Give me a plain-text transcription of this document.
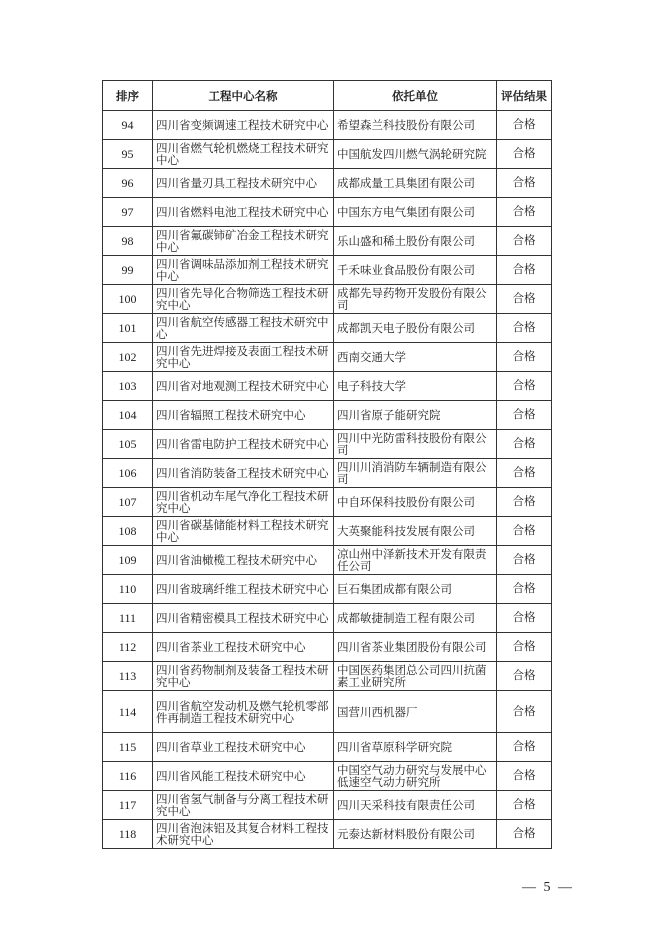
排序	工程中心名称	依托单位	评估结果
94	四川省变频调速工程技术研究中心	希望森兰科技股份有限公司	合格
95	四川省燃气轮机燃烧工程技术研究中心	中国航发四川燃气涡轮研究院	合格
96	四川省量刃具工程技术研究中心	成都成量工具集团有限公司	合格
97	四川省燃料电池工程技术研究中心	中国东方电气集团有限公司	合格
98	四川省氟碳铈矿冶金工程技术研究中心	乐山盛和稀土股份有限公司	合格
99	四川省调味品添加剂工程技术研究中心	千禾味业食品股份有限公司	合格
100	四川省先导化合物筛选工程技术研究中心	成都先导药物开发股份有限公司	合格
101	四川省航空传感器工程技术研究中心	成都凯天电子股份有限公司	合格
102	四川省先进焊接及表面工程技术研究中心	西南交通大学	合格
103	四川省对地观测工程技术研究中心	电子科技大学	合格
104	四川省辐照工程技术研究中心	四川省原子能研究院	合格
105	四川省雷电防护工程技术研究中心	四川中光防雷科技股份有限公司	合格
106	四川省消防装备工程技术研究中心	四川川消消防车辆制造有限公司	合格
107	四川省机动车尾气净化工程技术研究中心	中自环保科技股份有限公司	合格
108	四川省碳基储能材料工程技术研究中心	大英聚能科技发展有限公司	合格
109	四川省油橄榄工程技术研究中心	凉山州中泽新技术开发有限责任公司	合格
110	四川省玻璃纤维工程技术研究中心	巨石集团成都有限公司	合格
111	四川省精密模具工程技术研究中心	成都敏捷制造工程有限公司	合格
112	四川省茶业工程技术研究中心	四川省茶业集团股份有限公司	合格
113	四川省药物制剂及装备工程技术研究中心	中国医药集团总公司四川抗菌素工业研究所	合格
114	四川省航空发动机及燃气轮机零部件再制造工程技术研究中心	国营川西机器厂	合格
115	四川省草业工程技术研究中心	四川省草原科学研究院	合格
116	四川省风能工程技术研究中心	中国空气动力研究与发展中心低速空气动力研究所	合格
117	四川省氢气制备与分离工程技术研究中心	四川天采科技有限责任公司	合格
118	四川省泡沫铝及其复合材料工程技术研究中心	元泰达新材料股份有限公司	合格
— 5 —
